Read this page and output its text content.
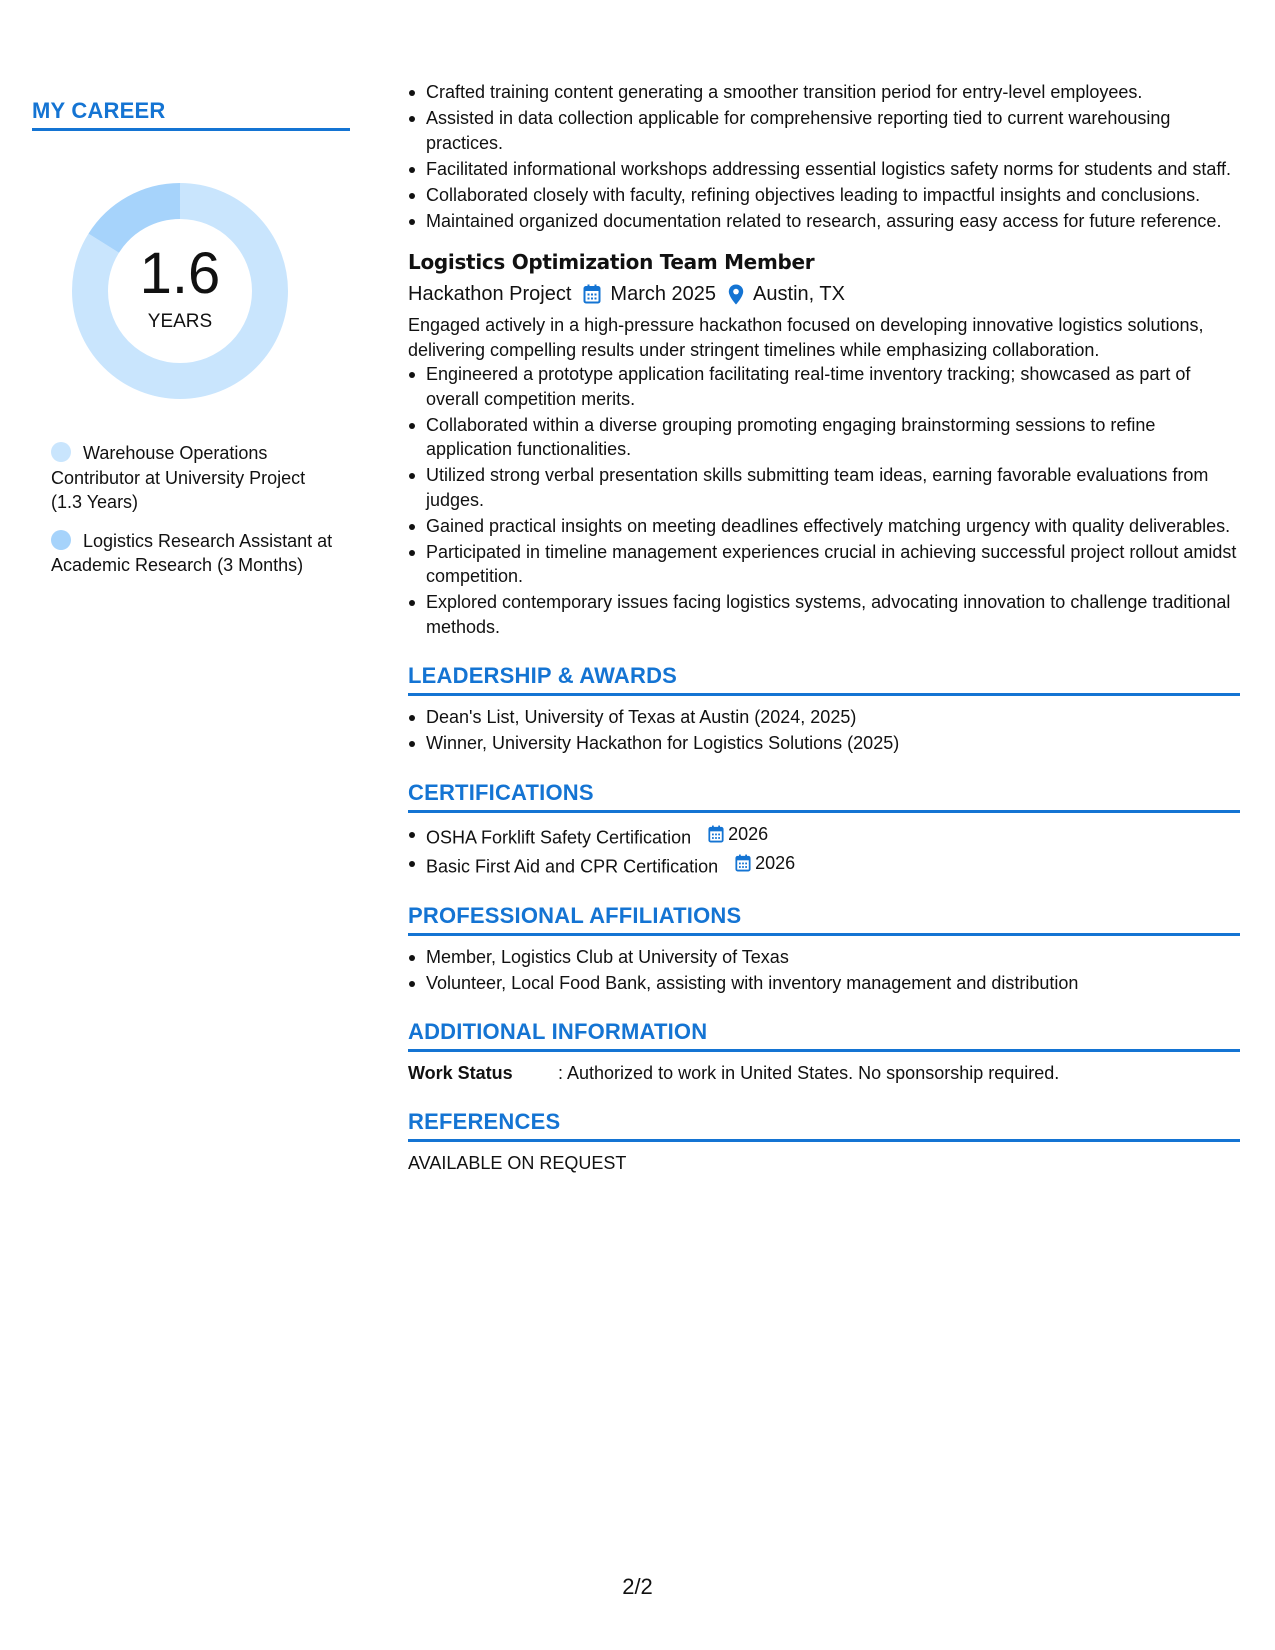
MY CAREER
1.6
YEARS
Warehouse Operations Contributor at University Project (1.3 Years)
Logistics Research Assistant at Academic Research (3 Months)
Crafted training content generating a smoother transition period for entry-level employees.
Assisted in data collection applicable for comprehensive reporting tied to current warehousing practices.
Facilitated informational workshops addressing essential logistics safety norms for students and staff.
Collaborated closely with faculty, refining objectives leading to impactful insights and conclusions.
Maintained organized documentation related to research, assuring easy access for future reference.
Logistics Optimization Team Member
Hackathon Project March 2025 Austin, TX
Engaged actively in a high-pressure hackathon focused on developing innovative logistics solutions, delivering compelling results under stringent timelines while emphasizing collaboration.
Engineered a prototype application facilitating real-time inventory tracking; showcased as part of overall competition merits.
Collaborated within a diverse grouping promoting engaging brainstorming sessions to refine application functionalities.
Utilized strong verbal presentation skills submitting team ideas, earning favorable evaluations from judges.
Gained practical insights on meeting deadlines effectively matching urgency with quality deliverables.
Participated in timeline management experiences crucial in achieving successful project rollout amidst competition.
Explored contemporary issues facing logistics systems, advocating innovation to challenge traditional methods.
LEADERSHIP & AWARDS
Dean's List, University of Texas at Austin (2024, 2025)
Winner, University Hackathon for Logistics Solutions (2025)
CERTIFICATIONS
OSHA Forklift Safety Certification 2026
Basic First Aid and CPR Certification 2026
PROFESSIONAL AFFILIATIONS
Member, Logistics Club at University of Texas
Volunteer, Local Food Bank, assisting with inventory management and distribution
ADDITIONAL INFORMATION
Work Status	: Authorized to work in United States. No sponsorship required.
REFERENCES
AVAILABLE ON REQUEST
2/2
